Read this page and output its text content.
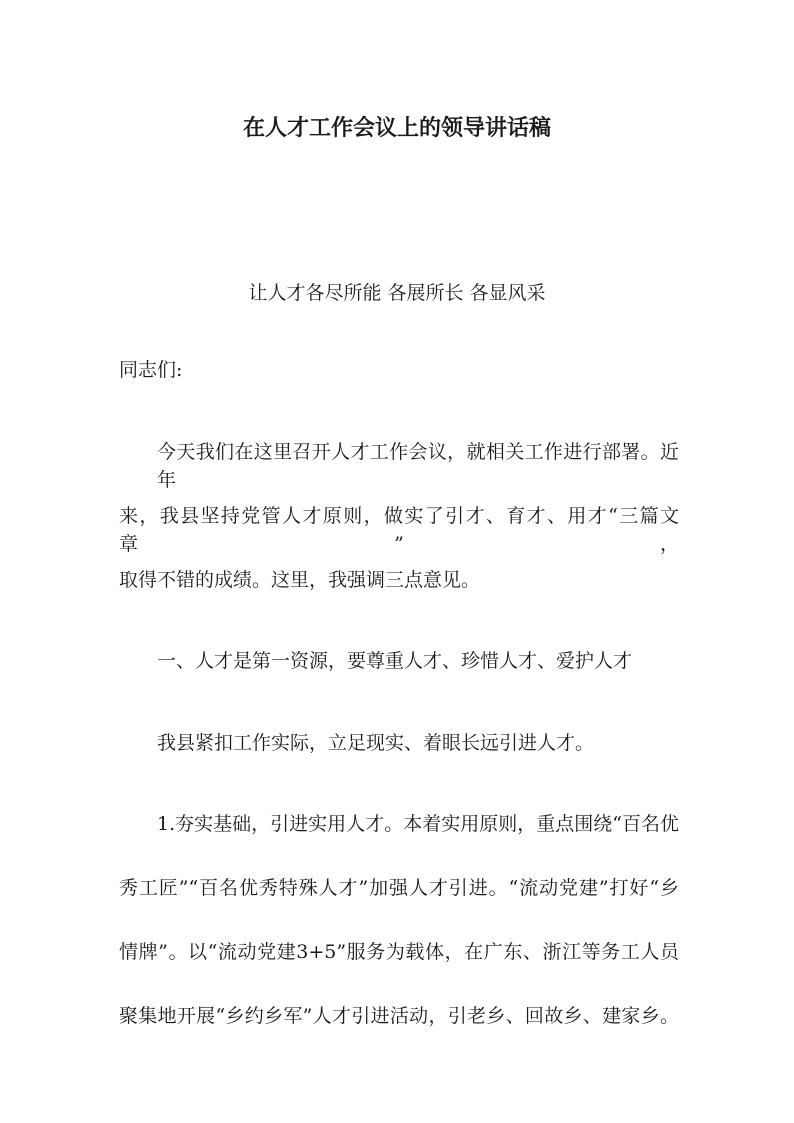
在人才工作会议上的领导讲话稿
让人才各尽所能 各展所长 各显风采
同志们:
今天我们在这里召开人才工作会议，就相关工作进行部署。近年
来，我县坚持党管人才原则，做实了引才、育才、用才“三篇文章”，
取得不错的成绩。这里，我强调三点意见。
一、人才是第一资源，要尊重人才、珍惜人才、爱护人才
我县紧扣工作实际，立足现实、着眼长远引进人才。
1.夯实基础，引进实用人才。本着实用原则，重点围绕“百名优
秀工匠”“百名优秀特殊人才”加强人才引进。“流动党建”打好“乡
情牌”。以“流动党建3+5”服务为载体，在广东、浙江等务工人员
聚集地开展“乡约乡军”人才引进活动，引老乡、回故乡、建家乡。
